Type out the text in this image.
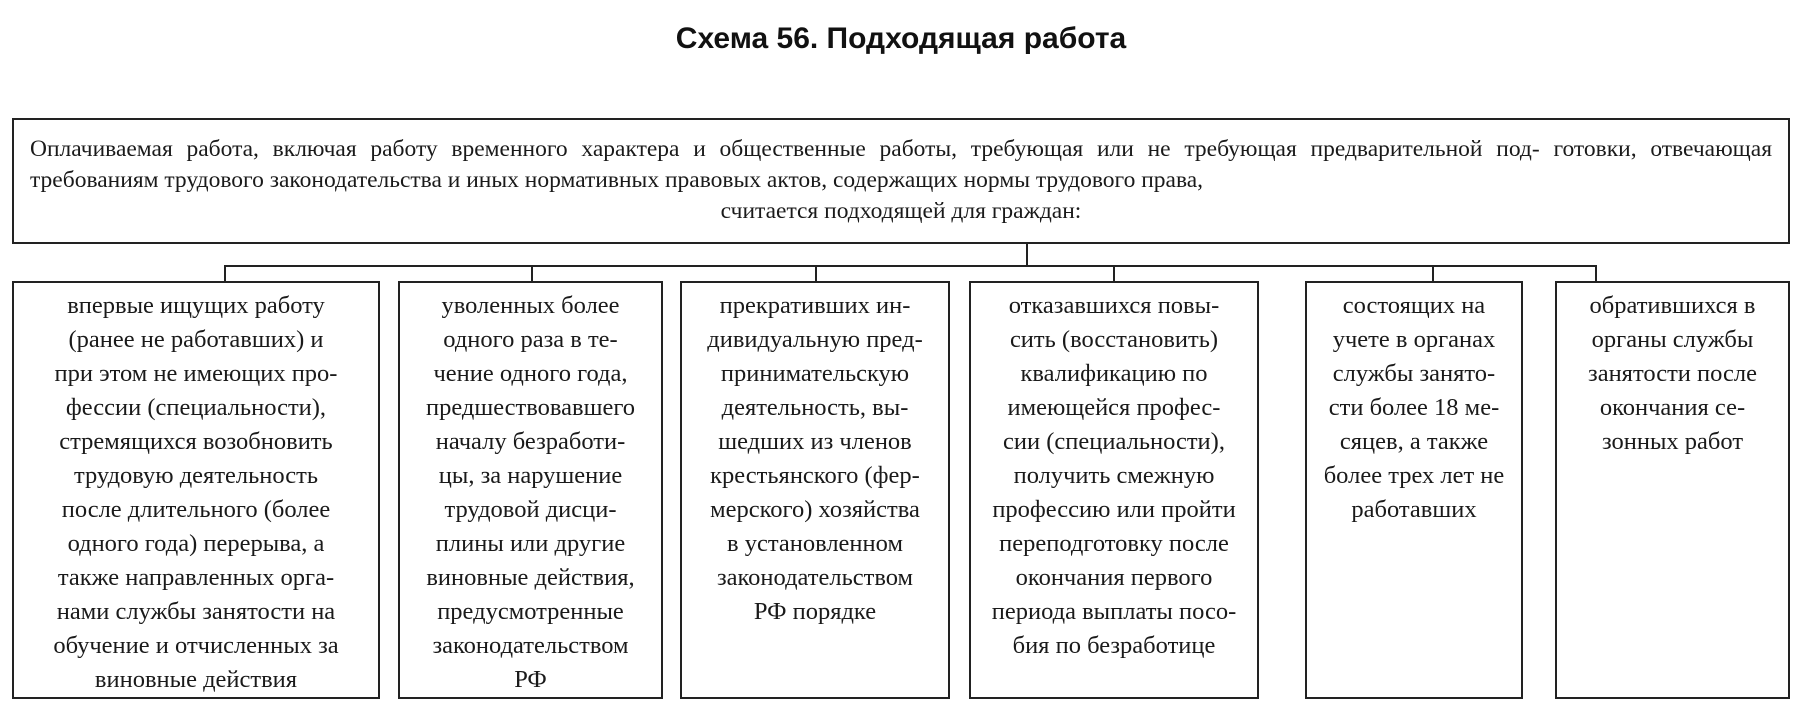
Схема 56. Подходящая работа
Оплачиваемая работа, включая работу временного характера и общественные работы, требующая или не требующая предварительной под- готовки, отвечающая требованиям трудового законодательства и иных нормативных правовых актов, содержащих нормы трудового права,
считается подходящей для граждан:
впервые ищущих работу
(ранее не работавших) и
при этом не имеющих про-
фессии (специальности),
стремящихся возобновить
трудовую деятельность
после длительного (более
одного года) перерыва, а
также направленных орга-
нами службы занятости на
обучение и отчисленных за
виновные действия
уволенных более
одного раза в те-
чение одного года,
предшествовавшего
началу безработи-
цы, за нарушение
трудовой дисци-
плины или другие
виновные действия,
предусмотренные
законодательством
РФ
прекративших ин-
дивидуальную пред-
принимательскую
деятельность, вы-
шедших из членов
крестьянского (фер-
мерского) хозяйства
в установленном
законодательством
РФ порядке
отказавшихся повы-
сить (восстановить)
квалификацию по
имеющейся профес-
сии (специальности),
получить смежную
профессию или пройти
переподготовку после
окончания первого
периода выплаты посо-
бия по безработице
состоящих на
учете в органах
службы занято-
сти более 18 ме-
сяцев, а также
более трех лет не
работавших
обратившихся в
органы службы
занятости после
окончания се-
зонных работ
